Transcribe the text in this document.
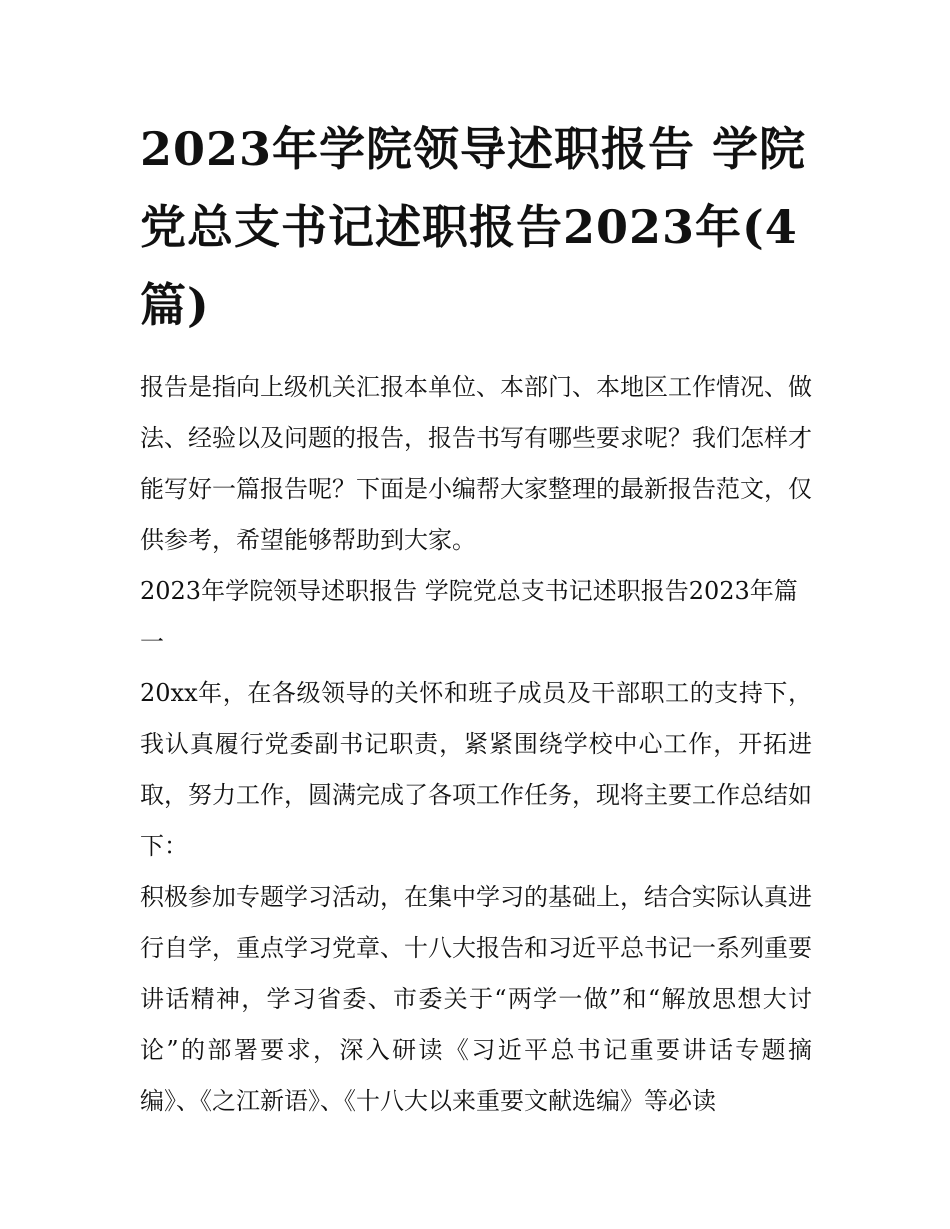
2023年学院领导述职报告 学院党总支书记述职报告2023年(4篇)

报告是指向上级机关汇报本单位、本部门、本地区工作情况、做法、经验以及问题的报告，报告书写有哪些要求呢？我们怎样才能写好一篇报告呢？下面是小编帮大家整理的最新报告范文，仅供参考，希望能够帮助到大家。

2023年学院领导述职报告 学院党总支书记述职报告2023年篇一

20xx年，在各级领导的关怀和班子成员及干部职工的支持下，我认真履行党委副书记职责，紧紧围绕学校中心工作，开拓进取，努力工作，圆满完成了各项工作任务，现将主要工作总结如下：

积极参加专题学习活动，在集中学习的基础上，结合实际认真进行自学，重点学习党章、十八大报告和习近平总书记一系列重要讲话精神，学习省委、市委关于“两学一做”和“解放思想大讨论”的部署要求，深入研读《习近平总书记重要讲话专题摘编》、《之江新语》、《十八大以来重要文献选编》等必读
